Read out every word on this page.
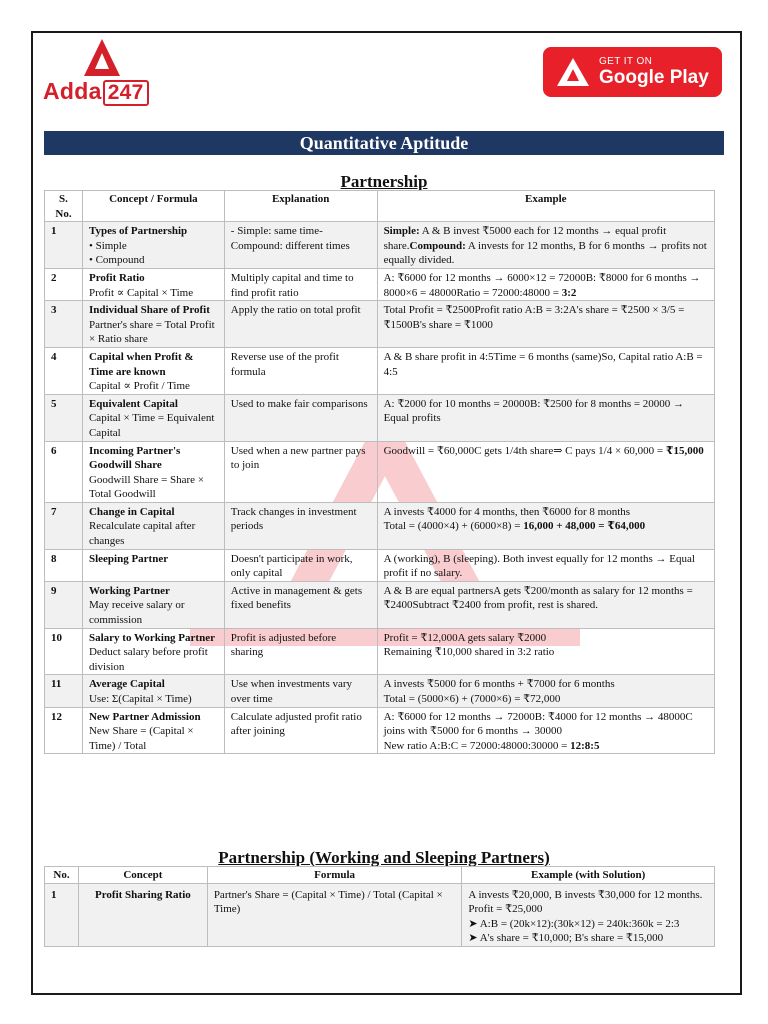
Adda 247
GET IT ON
Google Play
Quantitative Aptitude
Partnership
S. No.	Concept / Formula	Explanation	Example
1	Types of Partnership
• Simple
• Compound	- Simple: same time- Compound: different times	Simple: A & B invest ₹5000 each for 12 months → equal profit share.Compound: A invests for 12 months, B for 6 months → profits not equally divided.

2	Profit Ratio
Profit ∝ Capital × Time	Multiply capital and time to find profit ratio	A: ₹6000 for 12 months → 6000×12 = 72000B: ₹8000 for 6 months → 8000×6 = 48000Ratio = 72000:48000 = 3:2

3	Individual Share of Profit
Partner's share = Total Profit × Ratio share	Apply the ratio on total profit	Total Profit = ₹2500Profit ratio A:B = 3:2A's share = ₹2500 × 3/5 = ₹1500B's share = ₹1000

4	Capital when Profit & Time are known
Capital ∝ Profit / Time	Reverse use of the profit formula	A & B share profit in 4:5Time = 6 months (same)So, Capital ratio A:B = 4:5

5	Equivalent Capital
Capital × Time = Equivalent Capital	Used to make fair comparisons	A: ₹2000 for 10 months = 20000B: ₹2500 for 8 months = 20000 → Equal profits

6	Incoming Partner's Goodwill Share
Goodwill Share = Share × Total Goodwill	Used when a new partner pays to join	Goodwill = ₹60,000C gets 1/4th share⇒ C pays 1/4 × 60,000 = ₹15,000

7	Change in Capital
Recalculate capital after changes	Track changes in investment periods	A invests ₹4000 for 4 months, then ₹6000 for 8 months
Total = (4000×4) + (6000×8) = 16,000 + 48,000 = ₹64,000

8	Sleeping Partner	Doesn't participate in work, only capital	A (working), B (sleeping). Both invest equally for 12 months → Equal profit if no salary.

9	Working Partner
May receive salary or commission	Active in management & gets fixed benefits	A & B are equal partnersA gets ₹200/month as salary for 12 months = ₹2400Subtract ₹2400 from profit, rest is shared.

10	Salary to Working Partner
Deduct salary before profit division	Profit is adjusted before sharing	Profit = ₹12,000A gets salary ₹2000
Remaining ₹10,000 shared in 3:2 ratio

11	Average Capital
Use: Σ(Capital × Time)	Use when investments vary over time	A invests ₹5000 for 6 months + ₹7000 for 6 months
Total = (5000×6) + (7000×6) = ₹72,000

12	New Partner Admission
New Share = (Capital × Time) / Total	Calculate adjusted profit ratio after joining	A: ₹6000 for 12 months → 72000B: ₹4000 for 12 months → 48000C joins with ₹5000 for 6 months → 30000
New ratio A:B:C = 72000:48000:30000 = 12:8:5
Partnership (Working and Sleeping Partners)
No.	Concept	Formula	Example (with Solution)
1	Profit Sharing Ratio	Partner's Share = (Capital × Time) / Total (Capital × Time)	A invests ₹20,000, B invests ₹30,000 for 12 months. Profit = ₹25,000
➤ A:B = (20k×12):(30k×12) = 240k:360k = 2:3
➤ A's share = ₹10,000; B's share = ₹15,000
